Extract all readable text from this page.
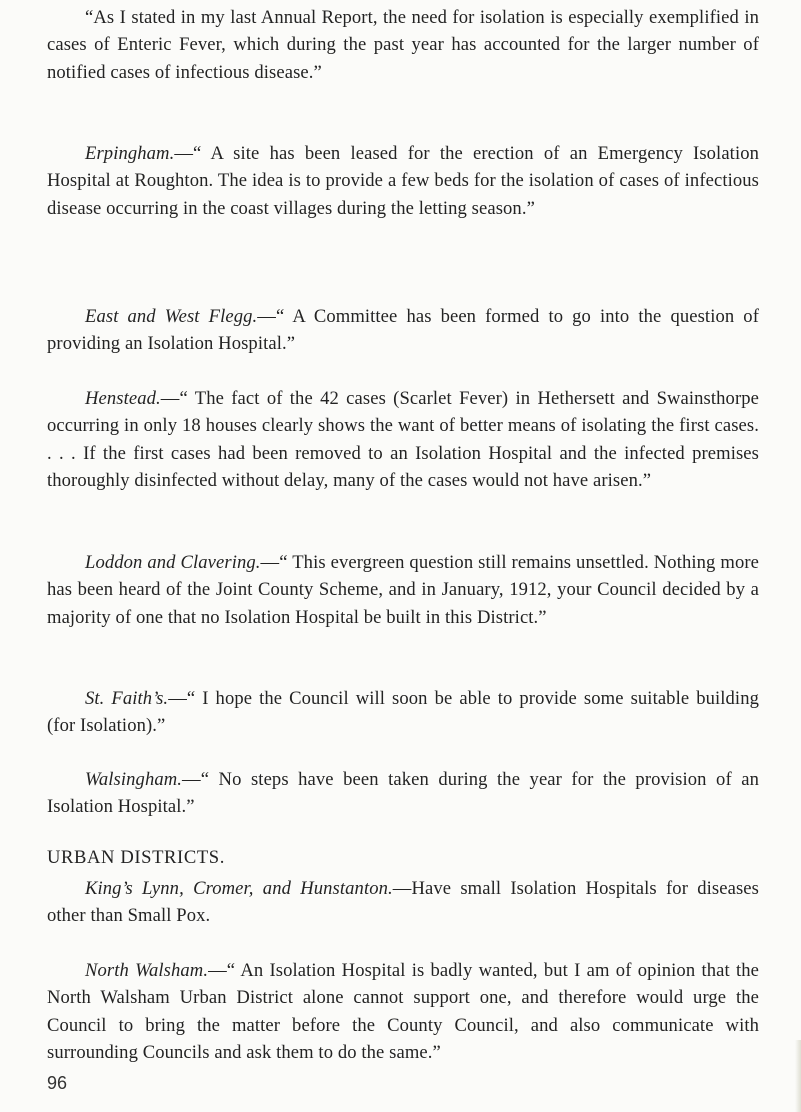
“As I stated in my last Annual Report, the need for isolation is especially exemplified in cases of Enteric Fever, which during the past year has accounted for the larger number of notified cases of infectious disease.”

Erpingham.—“ A site has been leased for the erection of an Emergency Isolation Hospital at Roughton. The idea is to provide a few beds for the isolation of cases of infectious disease occurring in the coast villages during the letting season.”

East and West Flegg.—“ A Committee has been formed to go into the question of providing an Isolation Hospital.”

Henstead.—“ The fact of the 42 cases (Scarlet Fever) in Hethersett and Swainsthorpe occurring in only 18 houses clearly shows the want of better means of isolating the first cases. . . . If the first cases had been removed to an Isolation Hospital and the infected premises thoroughly disinfected without delay, many of the cases would not have arisen.”

Loddon and Clavering.—“ This evergreen question still remains unsettled. Nothing more has been heard of the Joint County Scheme, and in January, 1912, your Council decided by a majority of one that no Isolation Hospital be built in this District.”

St. Faith’s.—“ I hope the Council will soon be able to provide some suitable building (for Isolation).”

Walsingham.—“ No steps have been taken during the year for the provision of an Isolation Hospital.”

URBAN DISTRICTS.

King’s Lynn, Cromer, and Hunstanton.—Have small Isolation Hospitals for diseases other than Small Pox.

North Walsham.—“ An Isolation Hospital is badly wanted, but I am of opinion that the North Walsham Urban District alone cannot support one, and therefore would urge the Council to bring the matter before the County Council, and also communicate with surrounding Councils and ask them to do the same.”

96
